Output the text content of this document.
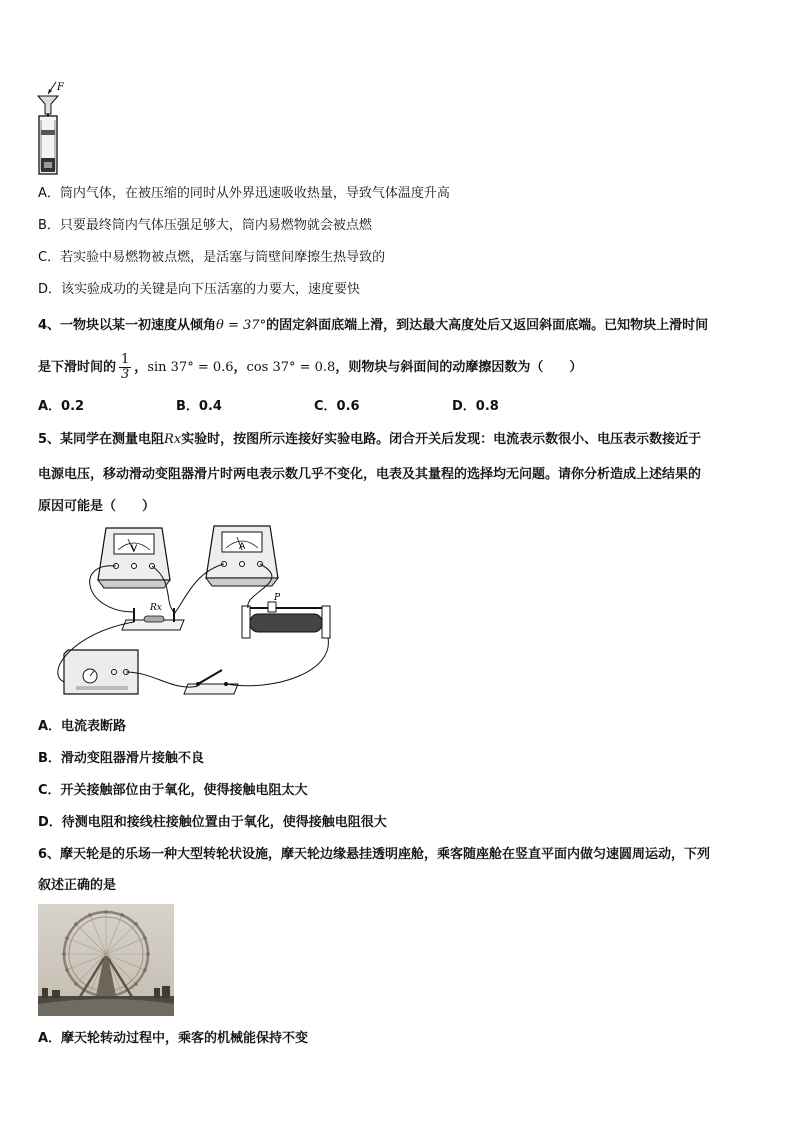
F
A．筒内气体，在被压缩的同时从外界迅速吸收热量，导致气体温度升高
B．只要最终筒内气体压强足够大，筒内易燃物就会被点燃
C．若实验中易燃物被点燃，是活塞与筒壁间摩擦生热导致的
D．该实验成功的关键是向下压活塞的力要大，速度要快
4、一物块以某一初速度从倾角θ = 37°的固定斜面底端上滑，到达最大高度处后又返回斜面底端。已知物块上滑时间
是下滑时间的 $\frac{1}{3}$ ，sin 37° = 0.6，cos 37° = 0.8，则物块与斜面间的动摩擦因数为（　　）
A．0.2	B．0.4	C．0.6	D．0.8
5、某同学在测量电阻Rx实验时，按图所示连接好实验电路。闭合开关后发现：电流表示数很小、电压表示数接近于
电源电压，移动滑动变阻器滑片时两电表示数几乎不变化，电表及其量程的选择均无问题。请你分析造成上述结果的
原因可能是（　　）
V	A
Rx
P
A．电流表断路
B．滑动变阻器滑片接触不良
C．开关接触部位由于氧化，使得接触电阻太大
D．待测电阻和接线柱接触位置由于氧化，使得接触电阻很大
6、摩天轮是的乐场一种大型转轮状设施，摩天轮边缘悬挂透明座舱，乘客随座舱在竖直平面内做匀速圆周运动，下列
叙述正确的是
A．摩天轮转动过程中，乘客的机械能保持不变
